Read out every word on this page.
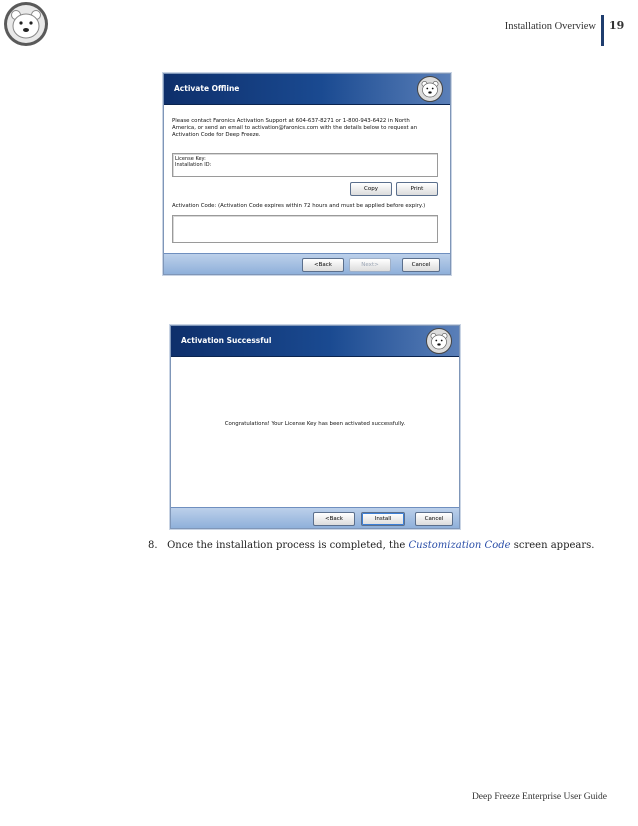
Installation Overview 19
Activate Offline
Please contact Faronics Activation Support at 604-637-8271 or 1-800-943-6422 in North
America, or send an email to activation@faronics.com with the details below to request an
Activation Code for Deep Freeze.
License Key:
Installation ID:
Copy	Print
Activation Code: (Activation Code expires within 72 hours and must be applied before expiry.)
<Back	Next>	Cancel
Activation Successful
Congratulations! Your License Key has been activated successfully.
<Back	Install	Cancel
8. Once the installation process is completed, the Customization Code screen appears.
Deep Freeze Enterprise User Guide
